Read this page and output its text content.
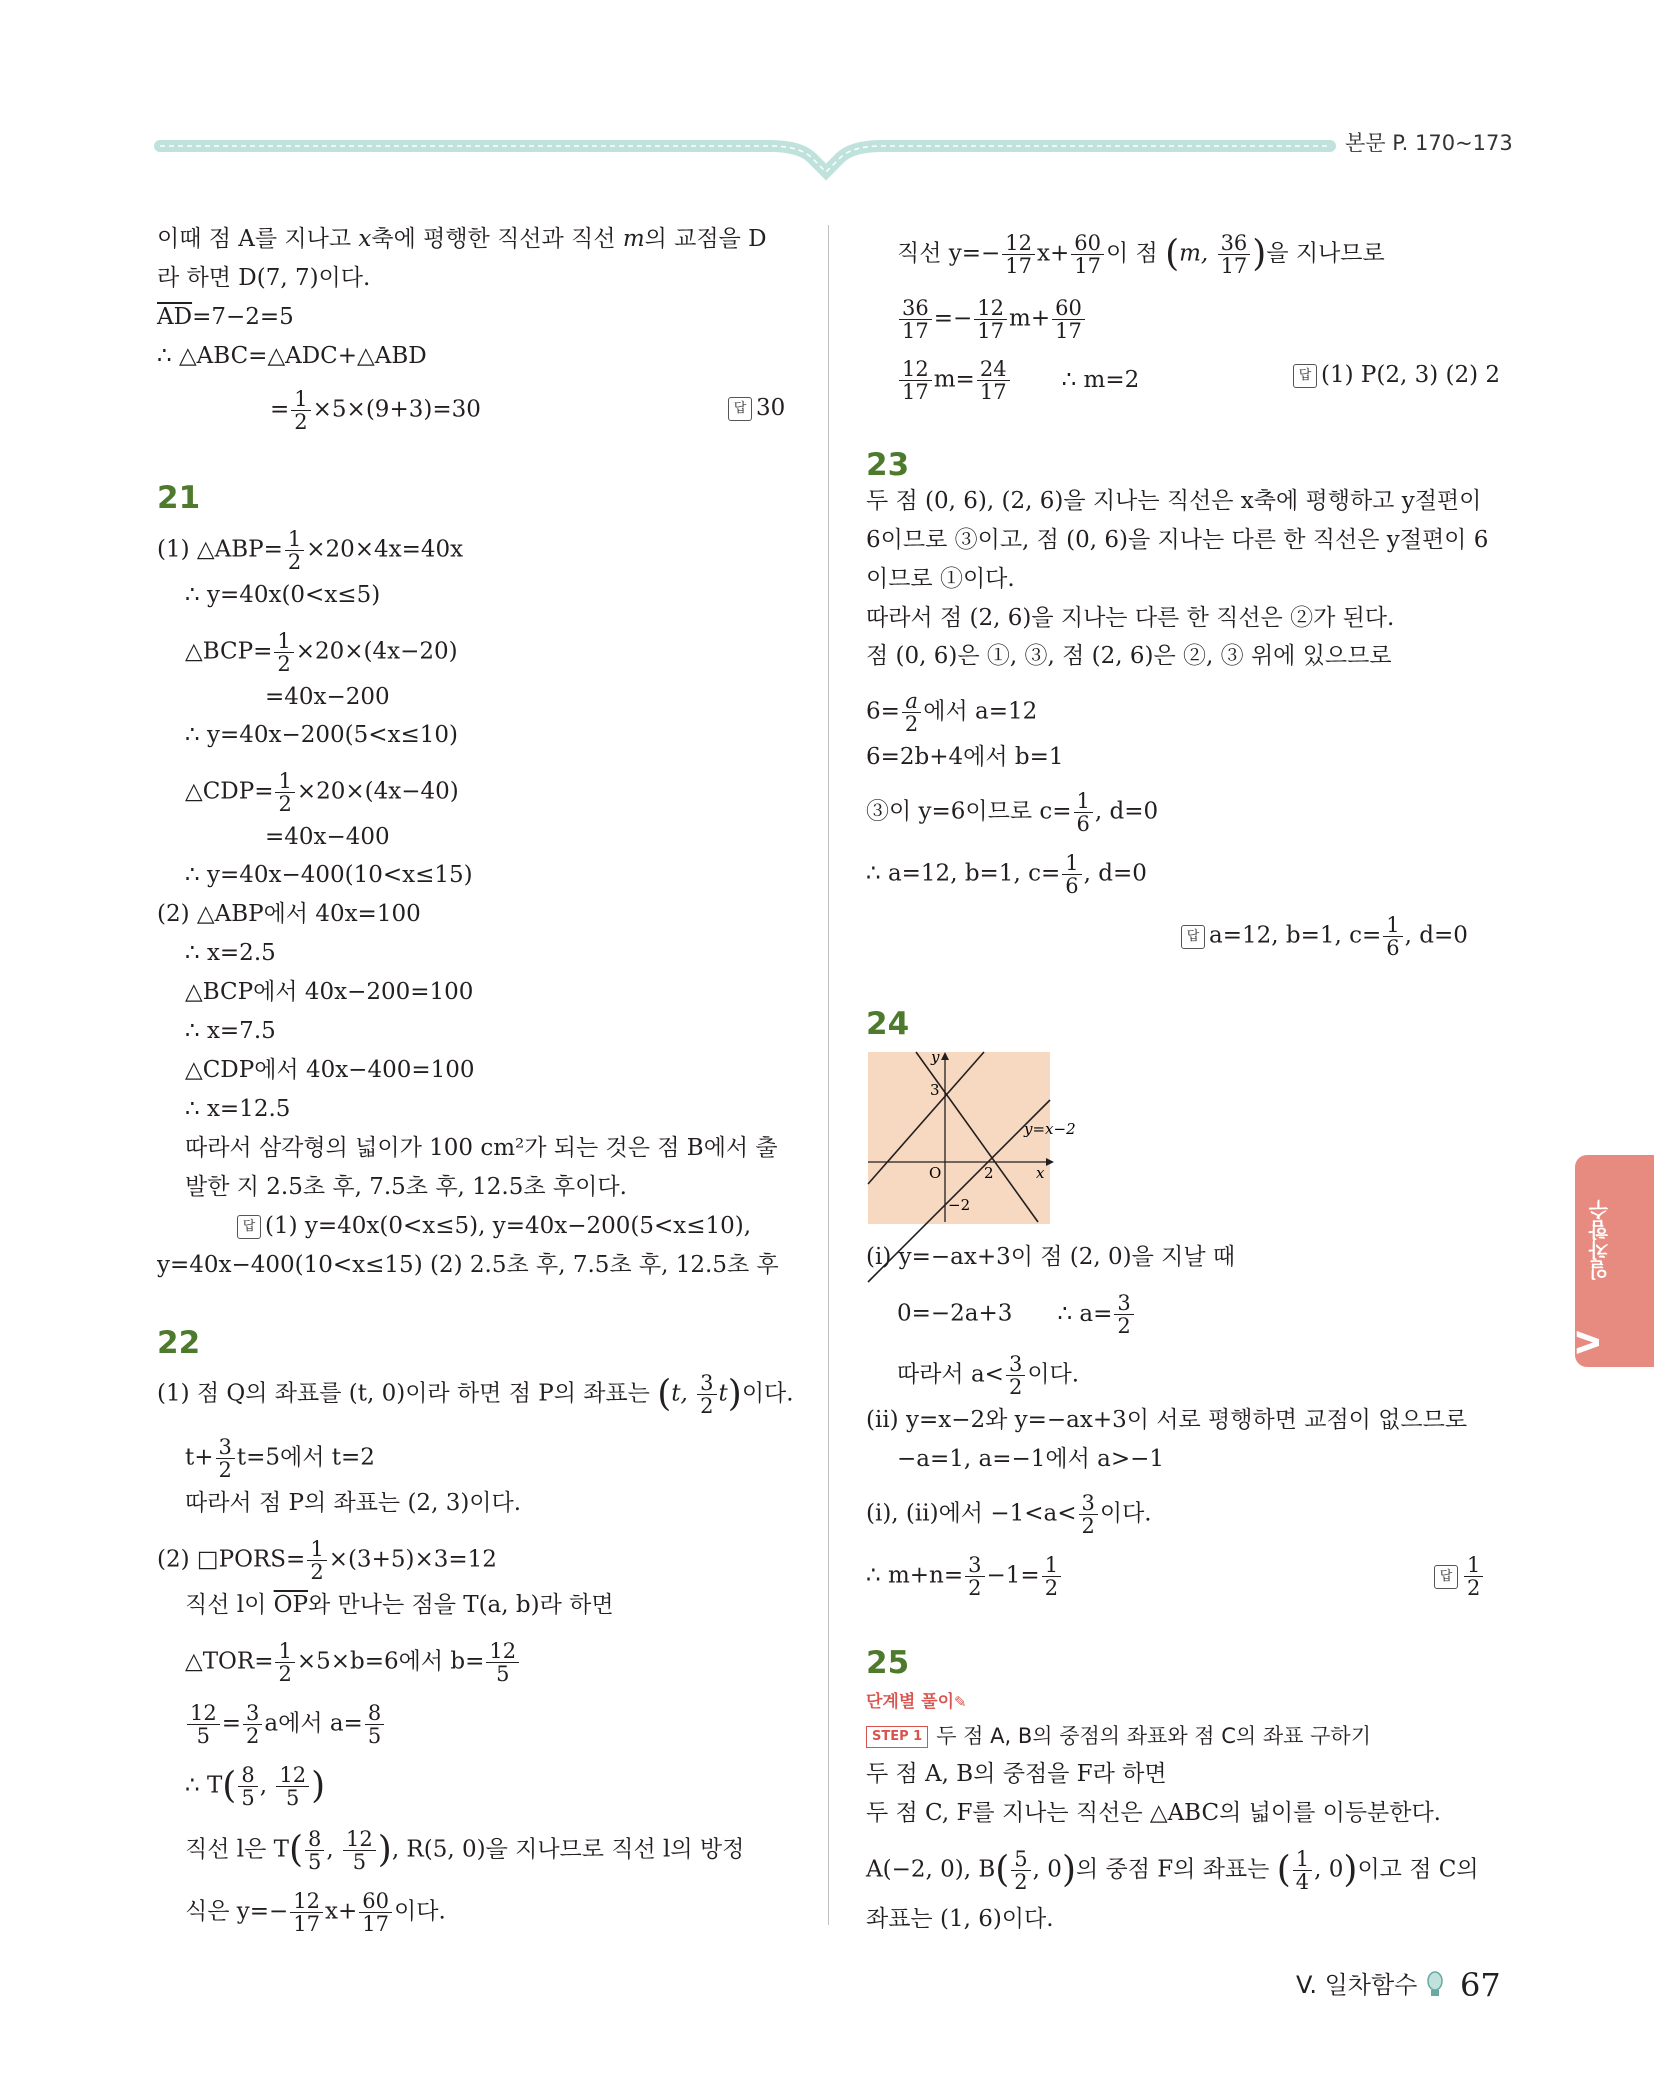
본문 P. 170~173
이때 점 A를 지나고 x축에 평행한 직선과 직선 m의 교점을 D
라 하면 D(7, 7)이다.
$\overline{AD}=7-2=5$
∴ △ABC=△ADC+△ABD
= $\frac{1}{2} \times 5\times(9+3)=30$	답 30
21
(1) △ABP= $\frac{1}{2} \times 20\times 4x=40x$
∴ y=40x(0<x≤5)
△BCP= $\frac{1}{2} \times 20\times(4x-20)$
=40x−200
∴ y=40x−200(5<x≤10)
△CDP= $\frac{1}{2} \times 20\times(4x-40)$
=40x−400
∴ y=40x−400(10<x≤15)
(2) △ABP에서 40x=100
∴ x=2.5
△BCP에서 40x−200=100
∴ x=7.5
△CDP에서 40x−400=100
∴ x=12.5
따라서 삼각형의 넓이가 100 cm²가 되는 것은 점 B에서 출
발한 지 2.5초 후, 7.5초 후, 12.5초 후이다.
답 (1) y=40x(0<x≤5), y=40x−200(5<x≤10),
y=40x−400(10<x≤15) (2) 2.5초 후, 7.5초 후, 12.5초 후
22
(1) 점 Q의 좌표를 (t, 0)이라 하면 점 P의 좌표는 (t, $\frac{3}{2} t$)이다.
$t+ \frac{3}{2} t=5$에서 t=2
따라서 점 P의 좌표는 (2, 3)이다.
(2) □PORS= $\frac{1}{2} \times(3+5)\times 3=12$
직선 l이 $\overline{OP}$와 만나는 점을 T(a, b)라 하면
△TOR= $\frac{1}{2} \times 5\times b=6$에서 $b= \frac{12}{5}$
$\frac{12}{5} = \frac{3}{2}$ a에서 $a= \frac{8}{5}$
∴ $T( \frac{8}{5}$ , $\frac{12}{5}$ )
직선 l은 $T( \frac{8}{5}$ , $\frac{12}{5}$ ), R(5, 0)을 지나므로 직선 l의 방정
식은 $y=- \frac{12}{17} x+ \frac{60}{17}$ 이다.
직선 $y=- \frac{12}{17} x+ \frac{60}{17}$ 이 점 (m, $\frac{36}{17}$ )을 지나므로
$\frac{36}{17} =- \frac{12}{17} m+ \frac{60}{17}$
$\frac{12}{17} m= \frac{24}{17}$ ∴ m=2	답 (1) P(2, 3) (2) 2
23
두 점 (0, 6), (2, 6)을 지나는 직선은 x축에 평행하고 y절편이
6이므로 ③이고, 점 (0, 6)을 지나는 다른 한 직선은 y절편이 6
이므로 ①이다.
따라서 점 (2, 6)을 지나는 다른 한 직선은 ②가 된다.
점 (0, 6)은 ①, ③, 점 (2, 6)은 ②, ③ 위에 있으므로
$6= \frac{a}{2}$ 에서 a=12
6=2b+4에서 b=1
③이 y=6이므로 $c= \frac{1}{6}$ , d=0
∴ a=12, b=1, $c= \frac{1}{6}$ , d=0
답 a=12, b=1, $c= \frac{1}{6}$ , d=0
24
y
x
O
3
2
−2
y=x−2
(ⅰ) y=−ax+3이 점 (2, 0)을 지날 때
0=−2a+3 ∴ $a= \frac{3}{2}$
따라서 $a< \frac{3}{2}$ 이다.
(ⅱ) y=x−2와 y=−ax+3이 서로 평행하면 교점이 없으므로
−a=1, a=−1에서 a>−1
(ⅰ), (ⅱ)에서 $-1<a< \frac{3}{2}$ 이다.
∴ $m+n= \frac{3}{2} -1= \frac{1}{2}$	답 $\frac{1}{2}$
25
단계별 풀이✎
STEP 1 두 점 A, B의 중점의 좌표와 점 C의 좌표 구하기
두 점 A, B의 중점을 F라 하면
두 점 C, F를 지나는 직선은 △ABC의 넓이를 이등분한다.
A(−2, 0), $B( \frac{5}{2}$ , 0)의 중점 F의 좌표는 ( $\frac{1}{4}$ , 0)이고 점 C의
좌표는 (1, 6)이다.
일차함수
V
V. 일차함수 67
